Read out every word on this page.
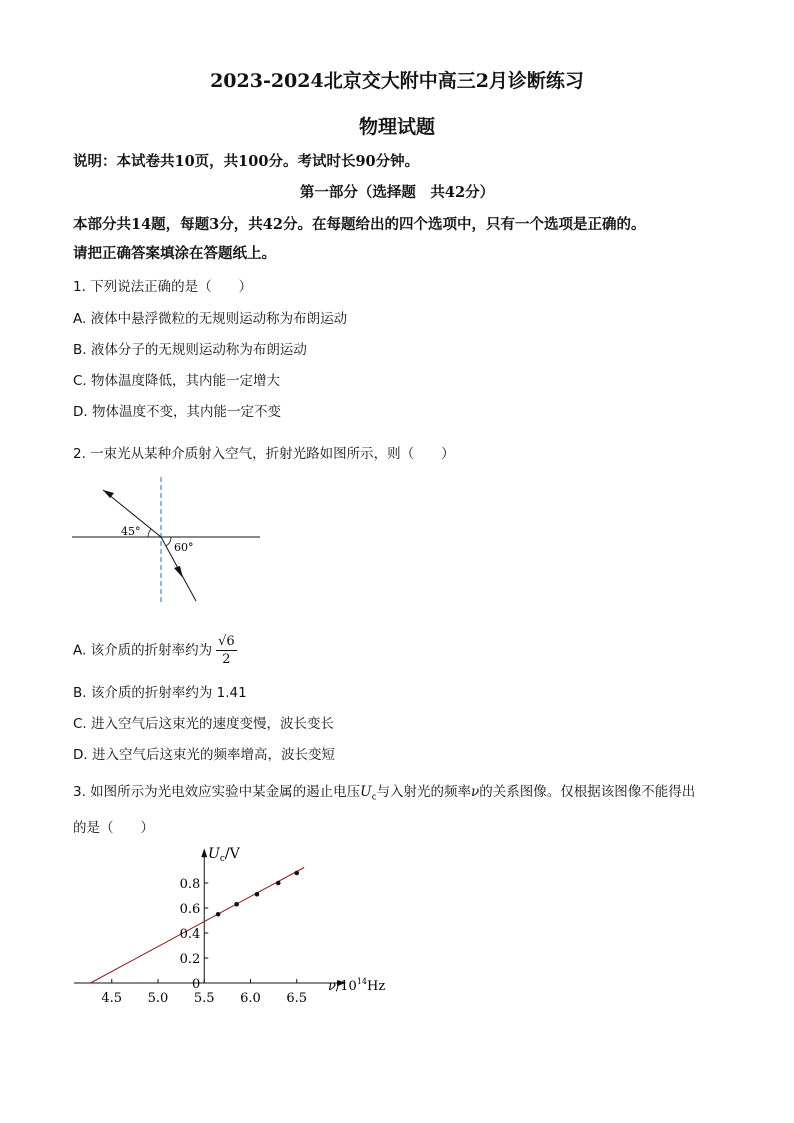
2023-2024北京交大附中高三2月诊断练习
物理试题
说明：本试卷共10页，共100分。考试时长90分钟。
第一部分（选择题　共42分）
本部分共14题，每题3分，共42分。在每题给出的四个选项中，只有一个选项是正确的。
请把正确答案填涂在答题纸上。
1. 下列说法正确的是（　　）
A. 液体中悬浮微粒的无规则运动称为布朗运动
B. 液体分子的无规则运动称为布朗运动
C. 物体温度降低，其内能一定增大
D. 物体温度不变，其内能一定不变
2. 一束光从某种介质射入空气，折射光路如图所示，则（　　）
45°
60°
A. 该介质的折射率约为 $\frac{√6}{2}$
B. 该介质的折射率约为 1.41
C. 进入空气后这束光的速度变慢，波长变长
D. 进入空气后这束光的频率增高，波长变短
3. 如图所示为光电效应实验中某金属的遏止电压$U_c$与入射光的频率ν的关系图像。仅根据该图像不能得出
的是（　　）
4.5 5.0 5.5 6.0 6.5
0
0.2
0.4
0.6
0.8
$U_c/V$
$\nu/10^{14}Hz$
